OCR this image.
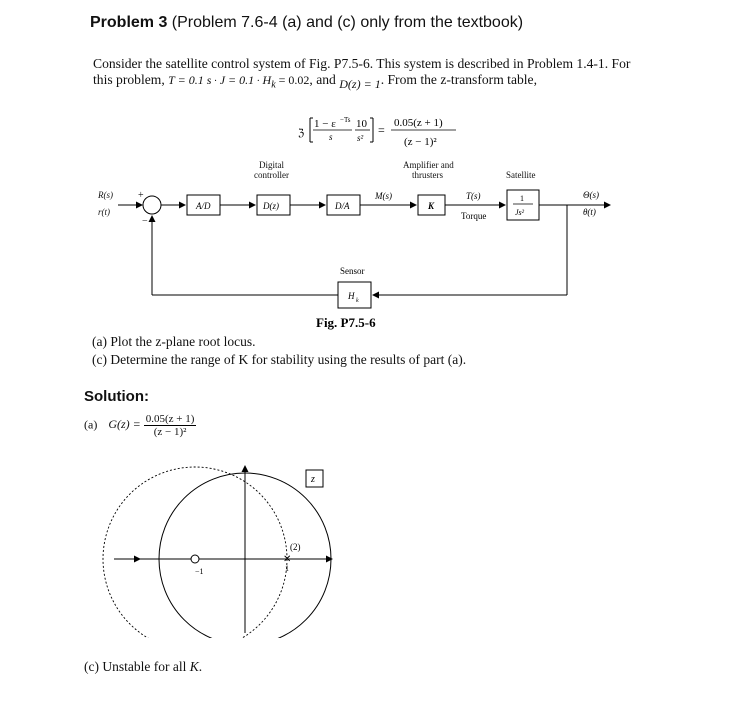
Problem 3 (Problem 7.6-4 (a) and (c) only from the textbook)
Consider the satellite control system of Fig. P7.5-6. This system is described in Problem 1.4-1. For
this problem, T = 0.1 $s \cdot J = 0.1 \cdot H_k = 0.02$, and D(z) = 1. From the z-transform table,
ℨ
1 − ε −Ts
s
10
s²
= 0.05(z + 1)
(z − 1)²
Digital
controller
Amplifier and
thrusters	Satellite
R(s)
r(t)
+
−
A/D	D(z)	D/A
M(s)
K
T(s)
Torque
1
Js²
Θ(s)
θ(t)
H k
Sensor
Fig. P7.5-6
(a) Plot the z-plane root locus.
(c) Determine the range of K for stability using the results of part (a).
Solution:
(a) $G(z) = \frac{0.05(z + 1)}{\text{(z − 1)²}}$
✕
−1	1
(2)
z
(c) Unstable for all K.
